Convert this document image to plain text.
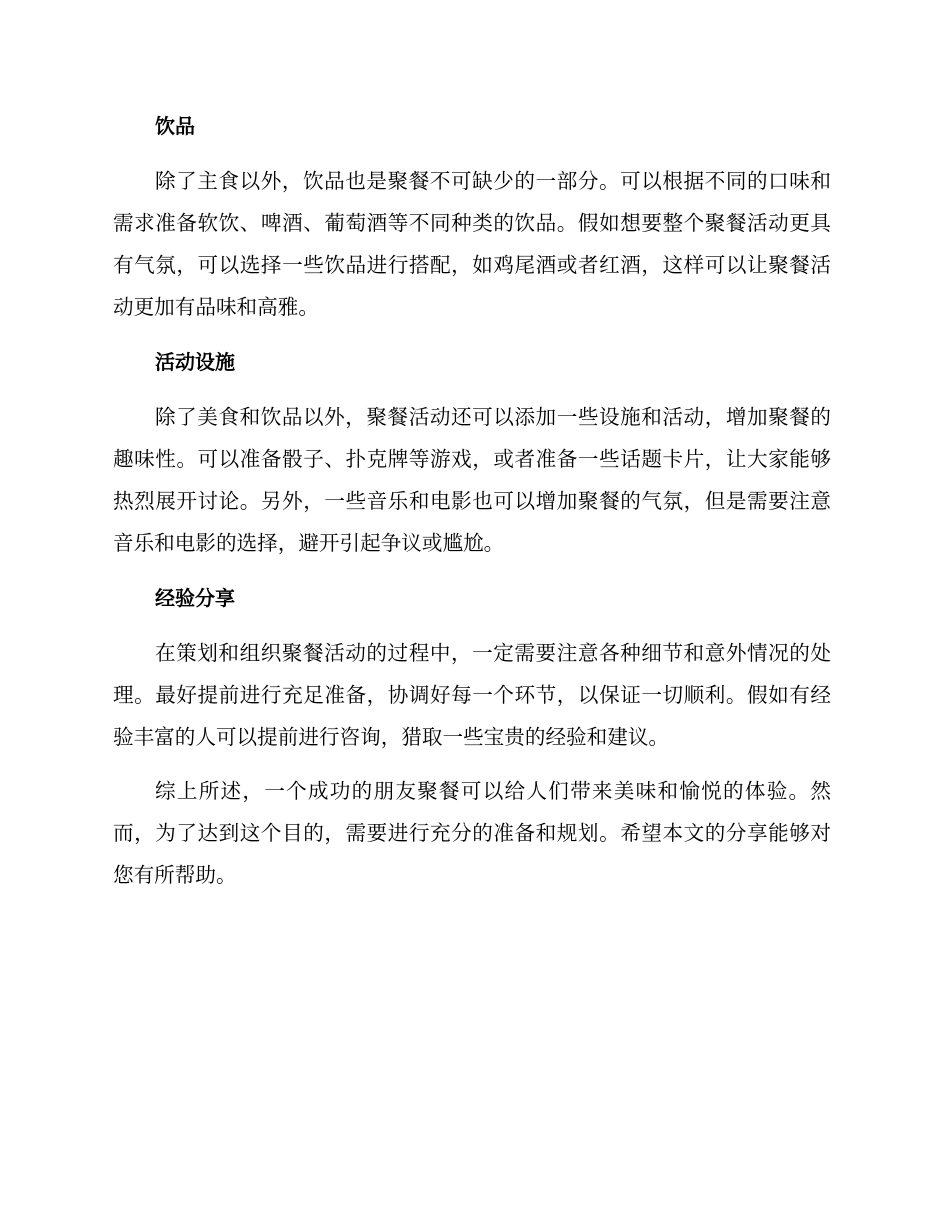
饮品

除了主食以外，饮品也是聚餐不可缺少的一部分。可以根据不同的口味和需求准备软饮、啤酒、葡萄酒等不同种类的饮品。假如想要整个聚餐活动更具有气氛，可以选择一些饮品进行搭配，如鸡尾酒或者红酒，这样可以让聚餐活动更加有品味和高雅。

活动设施

除了美食和饮品以外，聚餐活动还可以添加一些设施和活动，增加聚餐的趣味性。可以准备骰子、扑克牌等游戏，或者准备一些话题卡片，让大家能够热烈展开讨论。另外，一些音乐和电影也可以增加聚餐的气氛，但是需要注意音乐和电影的选择，避开引起争议或尴尬。

经验分享

在策划和组织聚餐活动的过程中，一定需要注意各种细节和意外情况的处理。最好提前进行充足准备，协调好每一个环节，以保证一切顺利。假如有经验丰富的人可以提前进行咨询，猎取一些宝贵的经验和建议。

综上所述，一个成功的朋友聚餐可以给人们带来美味和愉悦的体验。然而，为了达到这个目的，需要进行充分的准备和规划。希望本文的分享能够对您有所帮助。
